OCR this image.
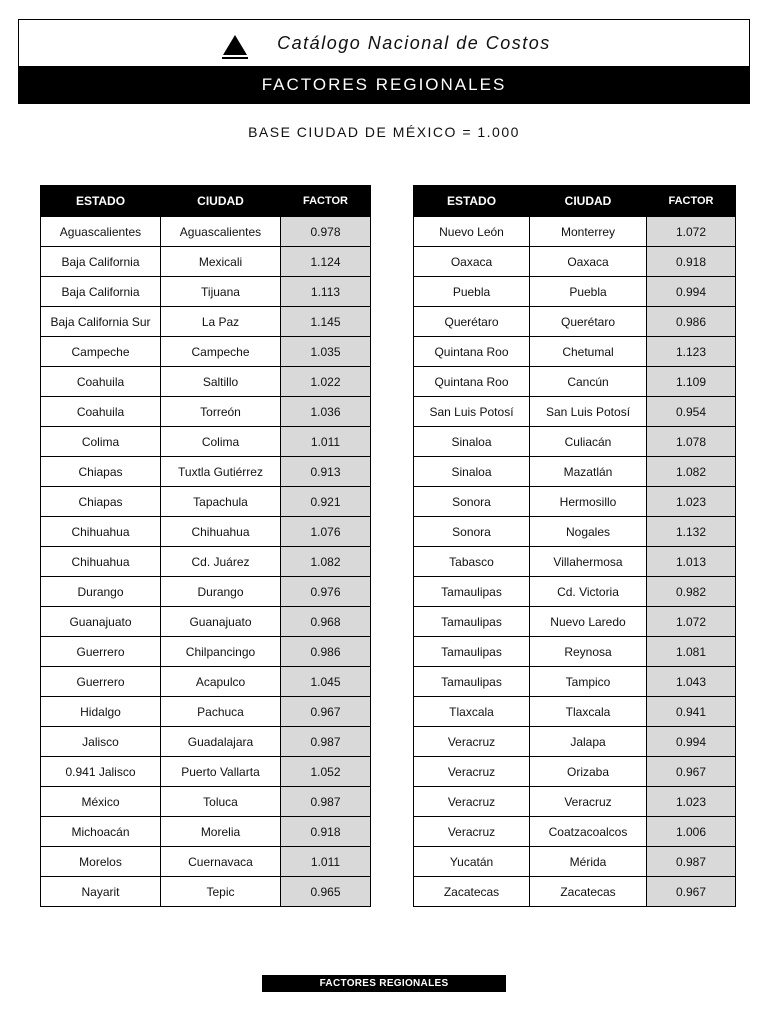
Catálogo Nacional de Costos
FACTORES REGIONALES
BASE CIUDAD DE MÉXICO = 1.000
ESTADO	CIUDAD	FACTOR
Aguascalientes	Aguascalientes	0.978
Baja California	Mexicali	1.124
Baja California	Tijuana	1.113
Baja California Sur	La Paz	1.145
Campeche	Campeche	1.035
Coahuila	Saltillo	1.022
Coahuila	Torreón	1.036
Colima	Colima	1.011
Chiapas	Tuxtla Gutiérrez	0.913
Chiapas	Tapachula	0.921
Chihuahua	Chihuahua	1.076
Chihuahua	Cd. Juárez	1.082
Durango	Durango	0.976
Guanajuato	Guanajuato	0.968
Guerrero	Chilpancingo	0.986
Guerrero	Acapulco	1.045
Hidalgo	Pachuca	0.967
Jalisco	Guadalajara	0.987
0.941 Jalisco	Puerto Vallarta	1.052
México	Toluca	0.987
Michoacán	Morelia	0.918
Morelos	Cuernavaca	1.011
Nayarit	Tepic	0.965
ESTADO	CIUDAD	FACTOR
Nuevo León	Monterrey	1.072
Oaxaca	Oaxaca	0.918
Puebla	Puebla	0.994
Querétaro	Querétaro	0.986
Quintana Roo	Chetumal	1.123
Quintana Roo	Cancún	1.109
San Luis Potosí	San Luis Potosí	0.954
Sinaloa	Culiacán	1.078
Sinaloa	Mazatlán	1.082
Sonora	Hermosillo	1.023
Sonora	Nogales	1.132
Tabasco	Villahermosa	1.013
Tamaulipas	Cd. Victoria	0.982
Tamaulipas	Nuevo Laredo	1.072
Tamaulipas	Reynosa	1.081
Tamaulipas	Tampico	1.043
Tlaxcala	Tlaxcala	0.941
Veracruz	Jalapa	0.994
Veracruz	Orizaba	0.967
Veracruz	Veracruz	1.023
Veracruz	Coatzacoalcos	1.006
Yucatán	Mérida	0.987
Zacatecas	Zacatecas	0.967
FACTORES REGIONALES
